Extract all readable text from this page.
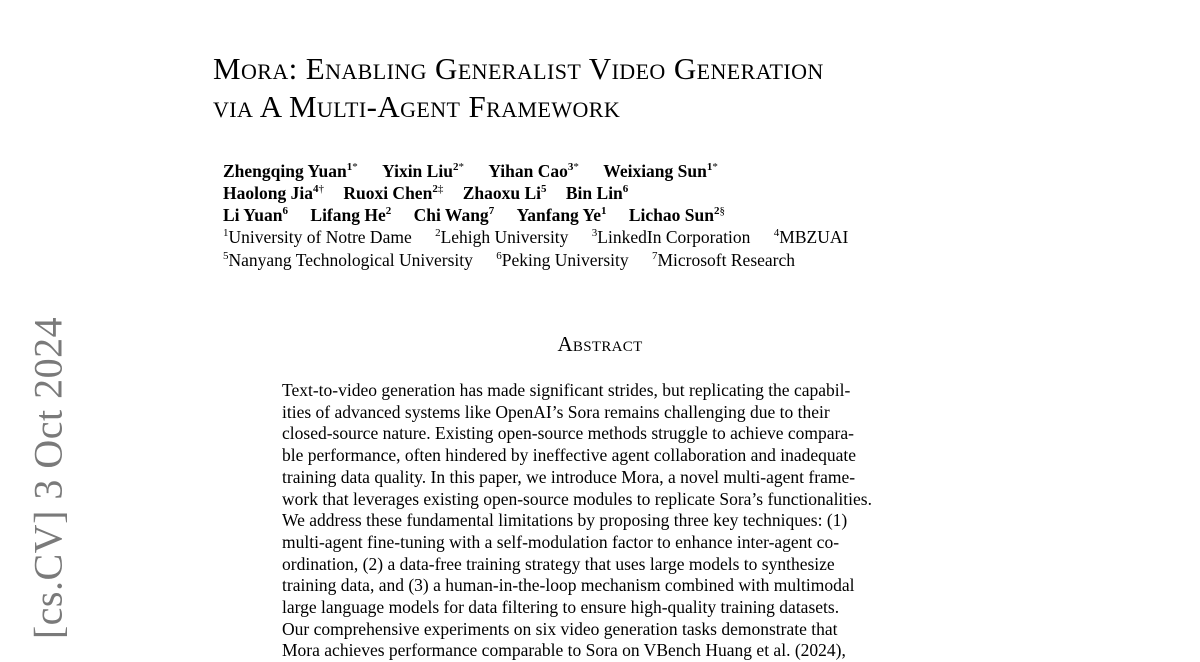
[cs.CV] 3 Oct 2024
Mora: Enabling Generalist Video Generation
via A Multi-Agent Framework
Zhengqing Yuan$^{1*}$ Yixin Liu$^{2*}$ Yihan Cao$^{3*}$ Weixiang Sun$^{1*}$
Haolong Jia$^{4\dagger}$ Ruoxi Chen$^{2\ddagger}$ Zhaoxu Li$^5$ Bin Lin$^6$
Li Yuan$^6$ Lifang He$^2$ Chi Wang$^7$ Yanfang Ye$^1$ Lichao Sun$^{2\S}$
$^1$University of Notre Dame $^2$Lehigh University $^3$LinkedIn Corporation $^4$MBZUAI
$^5$Nanyang Technological University $^6$Peking University $^7$Microsoft Research
Abstract
Text-to-video generation has made significant strides, but replicating the capabil-
ities of advanced systems like OpenAI’s Sora remains challenging due to their
closed-source nature. Existing open-source methods struggle to achieve compara-
ble performance, often hindered by ineffective agent collaboration and inadequate
training data quality. In this paper, we introduce Mora, a novel multi-agent frame-
work that leverages existing open-source modules to replicate Sora’s functionalities.
We address these fundamental limitations by proposing three key techniques: (1)
multi-agent fine-tuning with a self-modulation factor to enhance inter-agent co-
ordination, (2) a data-free training strategy that uses large models to synthesize
training data, and (3) a human-in-the-loop mechanism combined with multimodal
large language models for data filtering to ensure high-quality training datasets.
Our comprehensive experiments on six video generation tasks demonstrate that
Mora achieves performance comparable to Sora on VBench Huang et al. (2024),
